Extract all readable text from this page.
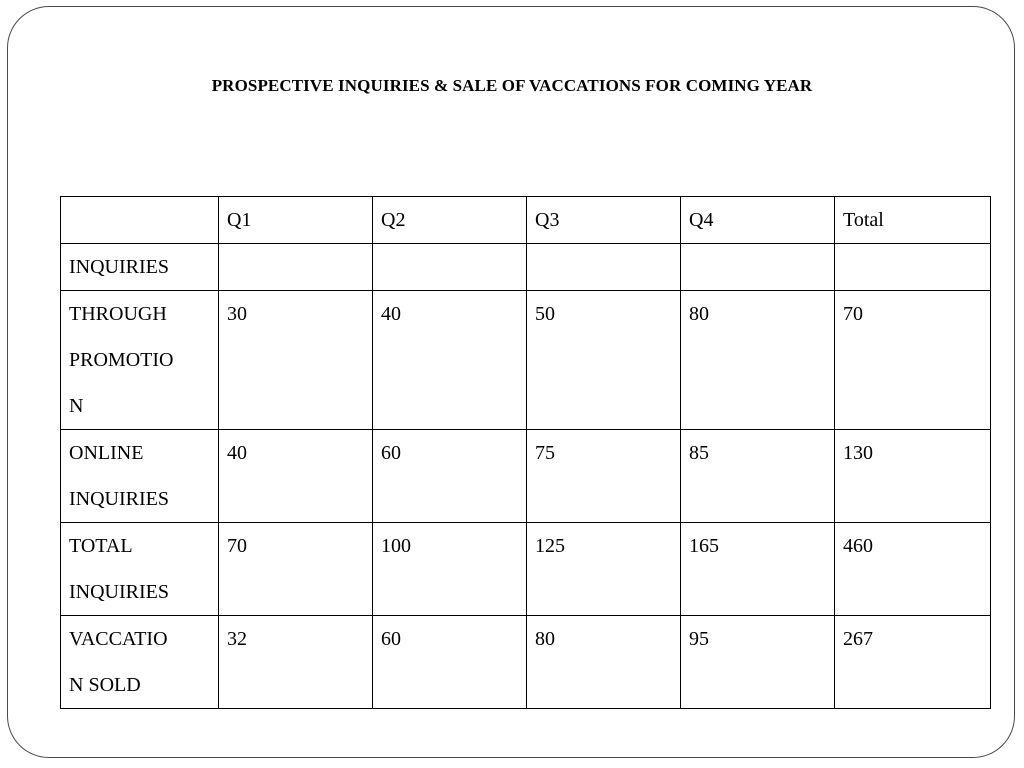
PROSPECTIVE INQUIRIES & SALE OF VACCATIONS FOR COMING YEAR
	Q1	Q2	Q3	Q4	Total
INQUIRIES					

THROUGH
PROMOTIO
N	30	40	50	80	70

ONLINE
INQUIRIES	40	60	75	85	130

TOTAL
INQUIRIES	70	100	125	165	460

VACCATIO
N SOLD	32	60	80	95	267
